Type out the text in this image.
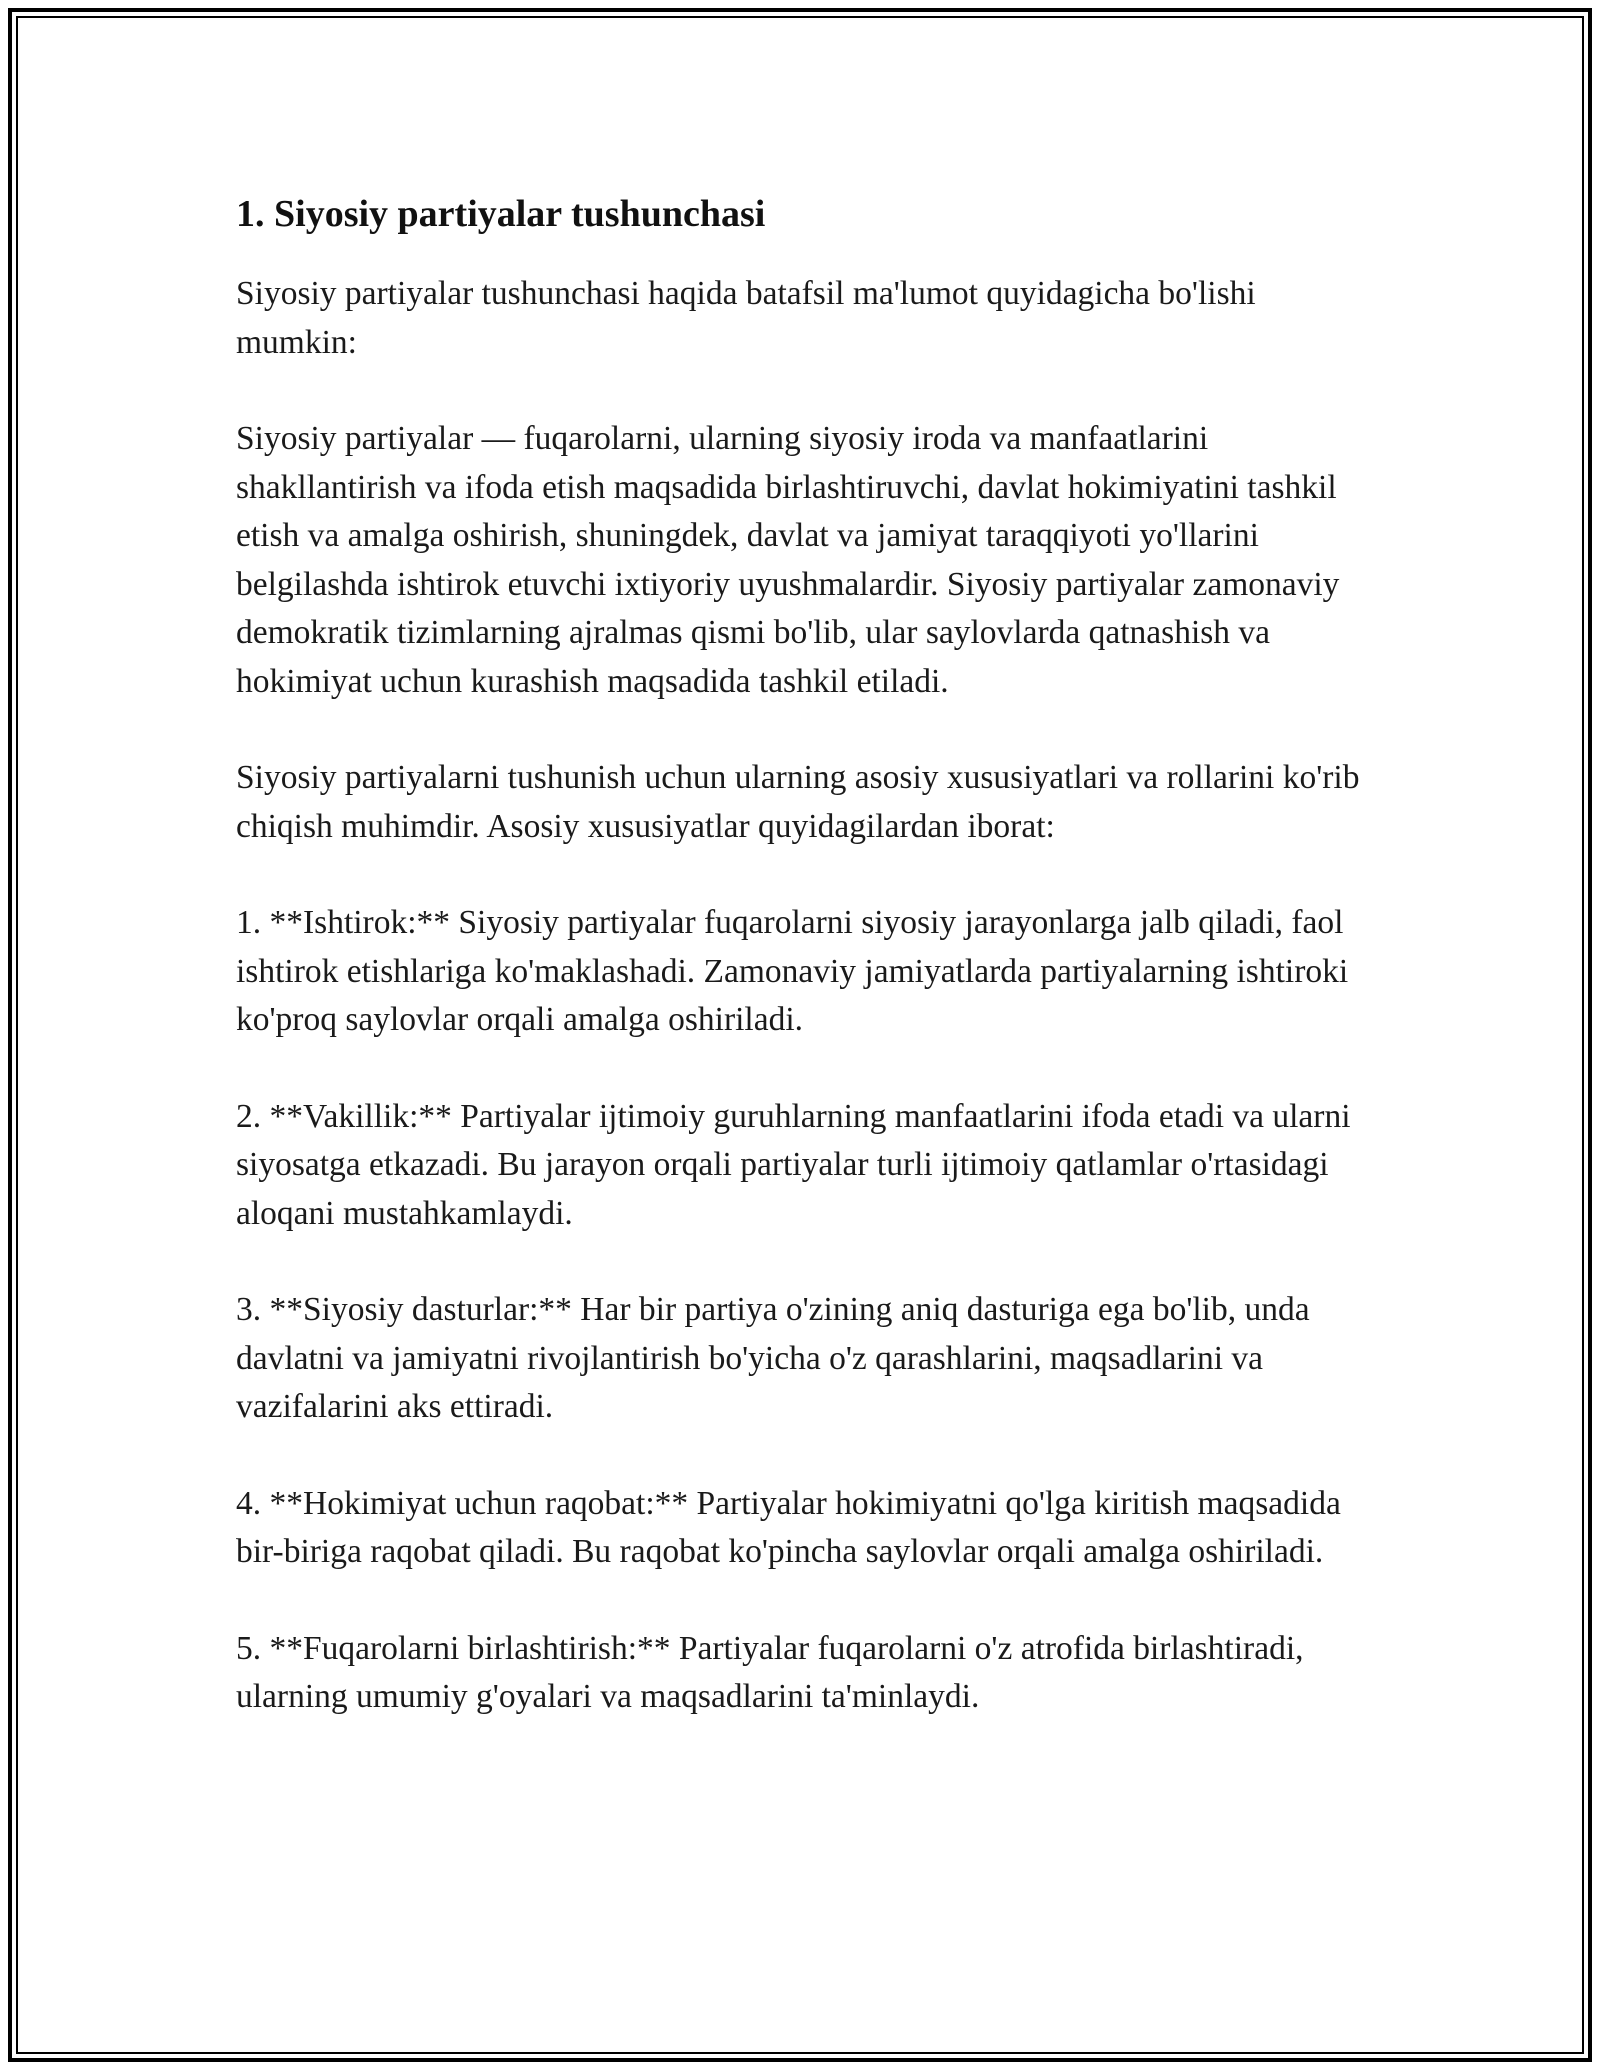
1. Siyosiy partiyalar tushunchasi

Siyosiy partiyalar tushunchasi haqida batafsil ma'lumot quyidagicha bo'lishi mumkin:

Siyosiy partiyalar — fuqarolarni, ularning siyosiy iroda va manfaatlarini shakllantirish va ifoda etish maqsadida birlashtiruvchi, davlat hokimiyatini tashkil etish va amalga oshirish, shuningdek, davlat va jamiyat taraqqiyoti yo'llarini belgilashda ishtirok etuvchi ixtiyoriy uyushmalardir. Siyosiy partiyalar zamonaviy demokratik tizimlarning ajralmas qismi bo'lib, ular saylovlarda qatnashish va hokimiyat uchun kurashish maqsadida tashkil etiladi.

Siyosiy partiyalarni tushunish uchun ularning asosiy xususiyatlari va rollarini ko'rib chiqish muhimdir. Asosiy xususiyatlar quyidagilardan iborat:

1. **Ishtirok:** Siyosiy partiyalar fuqarolarni siyosiy jarayonlarga jalb qiladi, faol ishtirok etishlariga ko'maklashadi. Zamonaviy jamiyatlarda partiyalarning ishtiroki ko'proq saylovlar orqali amalga oshiriladi.

2. **Vakillik:** Partiyalar ijtimoiy guruhlarning manfaatlarini ifoda etadi va ularni siyosatga etkazadi. Bu jarayon orqali partiyalar turli ijtimoiy qatlamlar o'rtasidagi aloqani mustahkamlaydi.

3. **Siyosiy dasturlar:** Har bir partiya o'zining aniq dasturiga ega bo'lib, unda davlatni va jamiyatni rivojlantirish bo'yicha o'z qarashlarini, maqsadlarini va vazifalarini aks ettiradi.

4. **Hokimiyat uchun raqobat:** Partiyalar hokimiyatni qo'lga kiritish maqsadida bir-biriga raqobat qiladi. Bu raqobat ko'pincha saylovlar orqali amalga oshiriladi.

5. **Fuqarolarni birlashtirish:** Partiyalar fuqarolarni o'z atrofida birlashtiradi, ularning umumiy g'oyalari va maqsadlarini ta'minlaydi.
